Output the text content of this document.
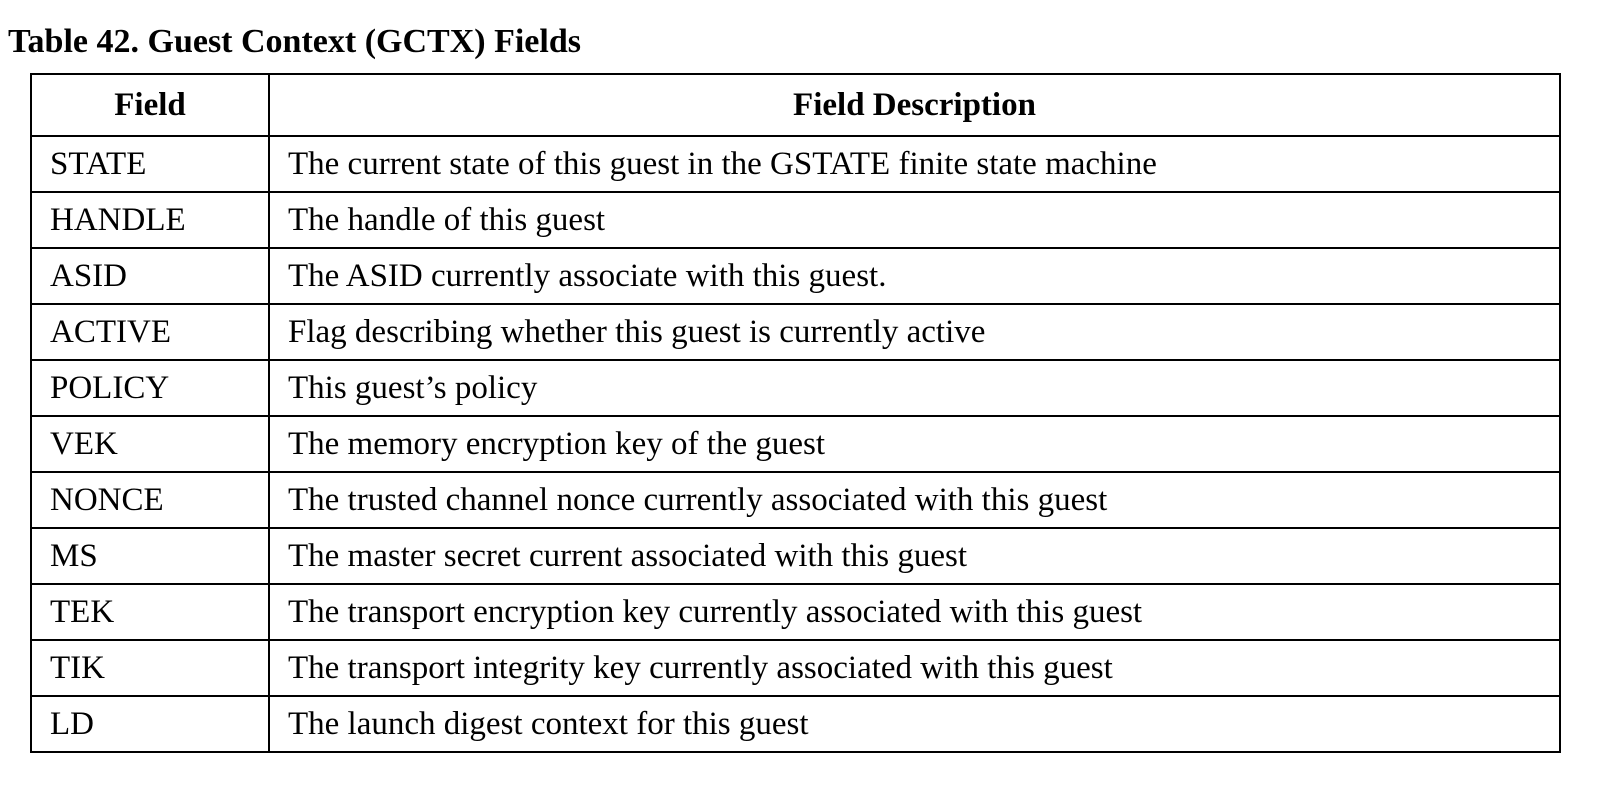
Table 42. Guest Context (GCTX) Fields
Field	Field Description
STATE	The current state of this guest in the GSTATE finite state machine
HANDLE	The handle of this guest
ASID	The ASID currently associate with this guest.
ACTIVE	Flag describing whether this guest is currently active
POLICY	This guest’s policy
VEK	The memory encryption key of the guest
NONCE	The trusted channel nonce currently associated with this guest
MS	The master secret current associated with this guest
TEK	The transport encryption key currently associated with this guest
TIK	The transport integrity key currently associated with this guest
LD	The launch digest context for this guest
